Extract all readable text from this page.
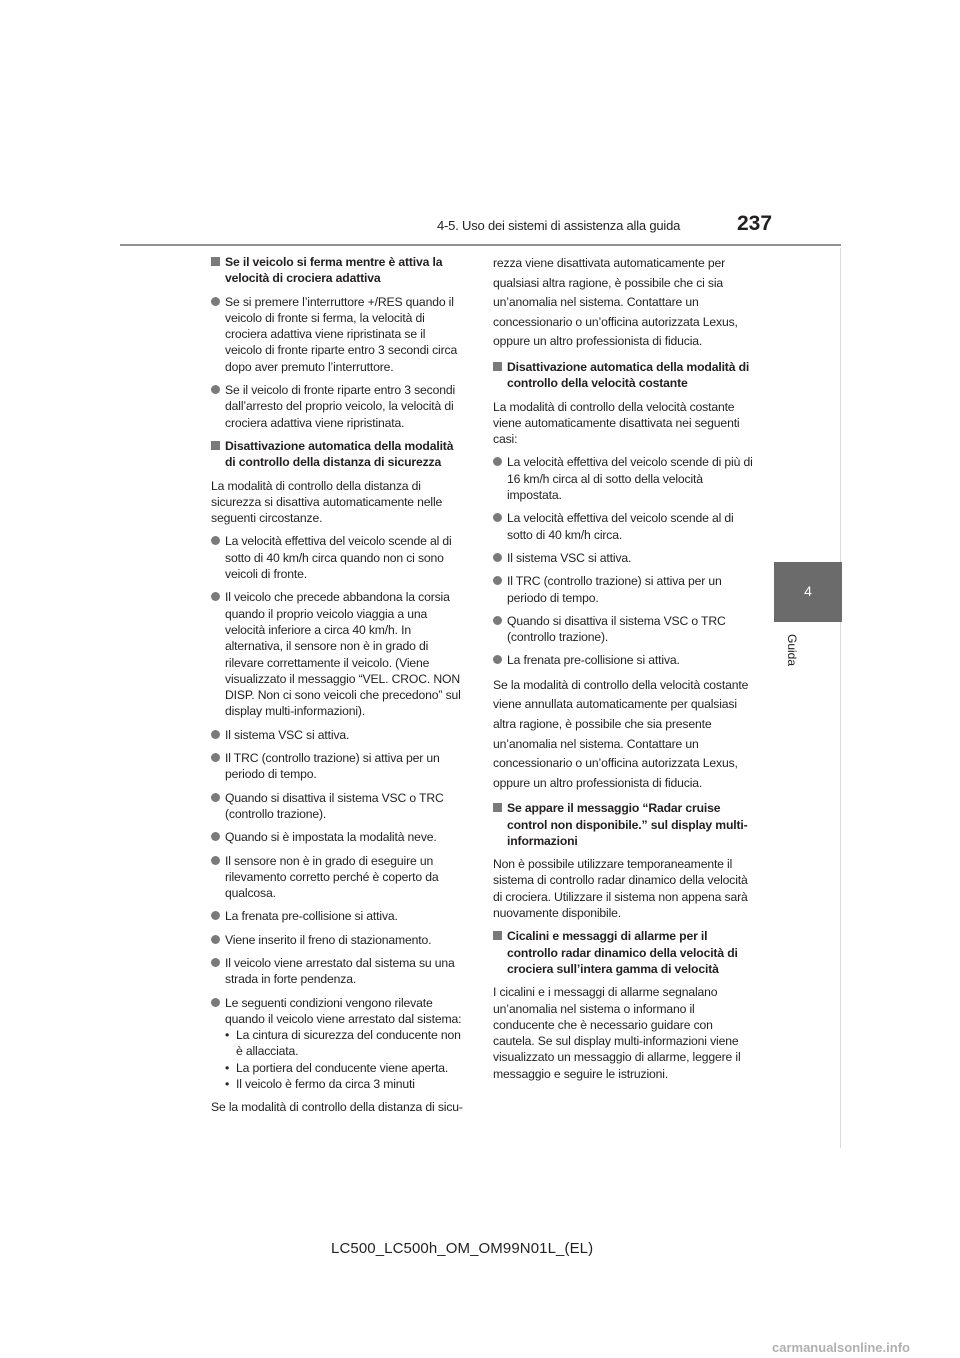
4-5. Uso dei sistemi di assistenza alla guida	237
4
Guida
Se il veicolo si ferma mentre è attiva la velocità di crociera adattiva
Se si premere l’interruttore +/RES quando il veicolo di fronte si ferma, la velocità di crociera adattiva viene ripristinata se il veicolo di fronte riparte entro 3 secondi circa dopo aver premuto l’interruttore.
Se il veicolo di fronte riparte entro 3 secondi dall’arresto del proprio veicolo, la velocità di crociera adattiva viene ripristinata.
Disattivazione automatica della modalità di controllo della distanza di sicurezza
La modalità di controllo della distanza di sicurezza si disattiva automaticamente nelle seguenti circostanze.
La velocità effettiva del veicolo scende al di sotto di 40 km/h circa quando non ci sono veicoli di fronte.
Il veicolo che precede abbandona la corsia quando il proprio veicolo viaggia a una velocità inferiore a circa 40 km/h. In alternativa, il sensore non è in grado di rilevare correttamente il veicolo. (Viene visualizzato il messaggio “VEL. CROC. NON DISP. Non ci sono veicoli che precedono” sul display multi-informazioni).
Il sistema VSC si attiva.
Il TRC (controllo trazione) si attiva per un periodo di tempo.
Quando si disattiva il sistema VSC o TRC (controllo trazione).
Quando si è impostata la modalità neve.
Il sensore non è in grado di eseguire un rilevamento corretto perché è coperto da qualcosa.
La frenata pre-collisione si attiva.
Viene inserito il freno di stazionamento.
Il veicolo viene arrestato dal sistema su una strada in forte pendenza.
Le seguenti condizioni vengono rilevate quando il veicolo viene arrestato dal sistema:
• La cintura di sicurezza del conducente non è allacciata.
• La portiera del conducente viene aperta.
• Il veicolo è fermo da circa 3 minuti
Se la modalità di controllo della distanza di sicu-
rezza viene disattivata automaticamente per qualsiasi altra ragione, è possibile che ci sia un’anomalia nel sistema. Contattare un concessionario o un’officina autorizzata Lexus, oppure un altro professionista di fiducia.
Disattivazione automatica della modalità di controllo della velocità costante
La modalità di controllo della velocità costante viene automaticamente disattivata nei seguenti casi:
La velocità effettiva del veicolo scende di più di 16 km/h circa al di sotto della velocità impostata.
La velocità effettiva del veicolo scende al di sotto di 40 km/h circa.
Il sistema VSC si attiva.
Il TRC (controllo trazione) si attiva per un periodo di tempo.
Quando si disattiva il sistema VSC o TRC (controllo trazione).
La frenata pre-collisione si attiva.
Se la modalità di controllo della velocità costante viene annullata automaticamente per qualsiasi altra ragione, è possibile che sia presente un’anomalia nel sistema. Contattare un concessionario o un’officina autorizzata Lexus, oppure un altro professionista di fiducia.
Se appare il messaggio “Radar cruise control non disponibile.” sul display multi-informazioni
Non è possibile utilizzare temporaneamente il sistema di controllo radar dinamico della velocità di crociera. Utilizzare il sistema non appena sarà nuovamente disponibile.
Cicalini e messaggi di allarme per il controllo radar dinamico della velocità di crociera sull’intera gamma di velocità
I cicalini e i messaggi di allarme segnalano un’anomalia nel sistema o informano il conducente che è necessario guidare con cautela. Se sul display multi-informazioni viene visualizzato un messaggio di allarme, leggere il messaggio e seguire le istruzioni.
LC500_LC500h_OM_OM99N01L_(EL)
carmanualsonline.info
